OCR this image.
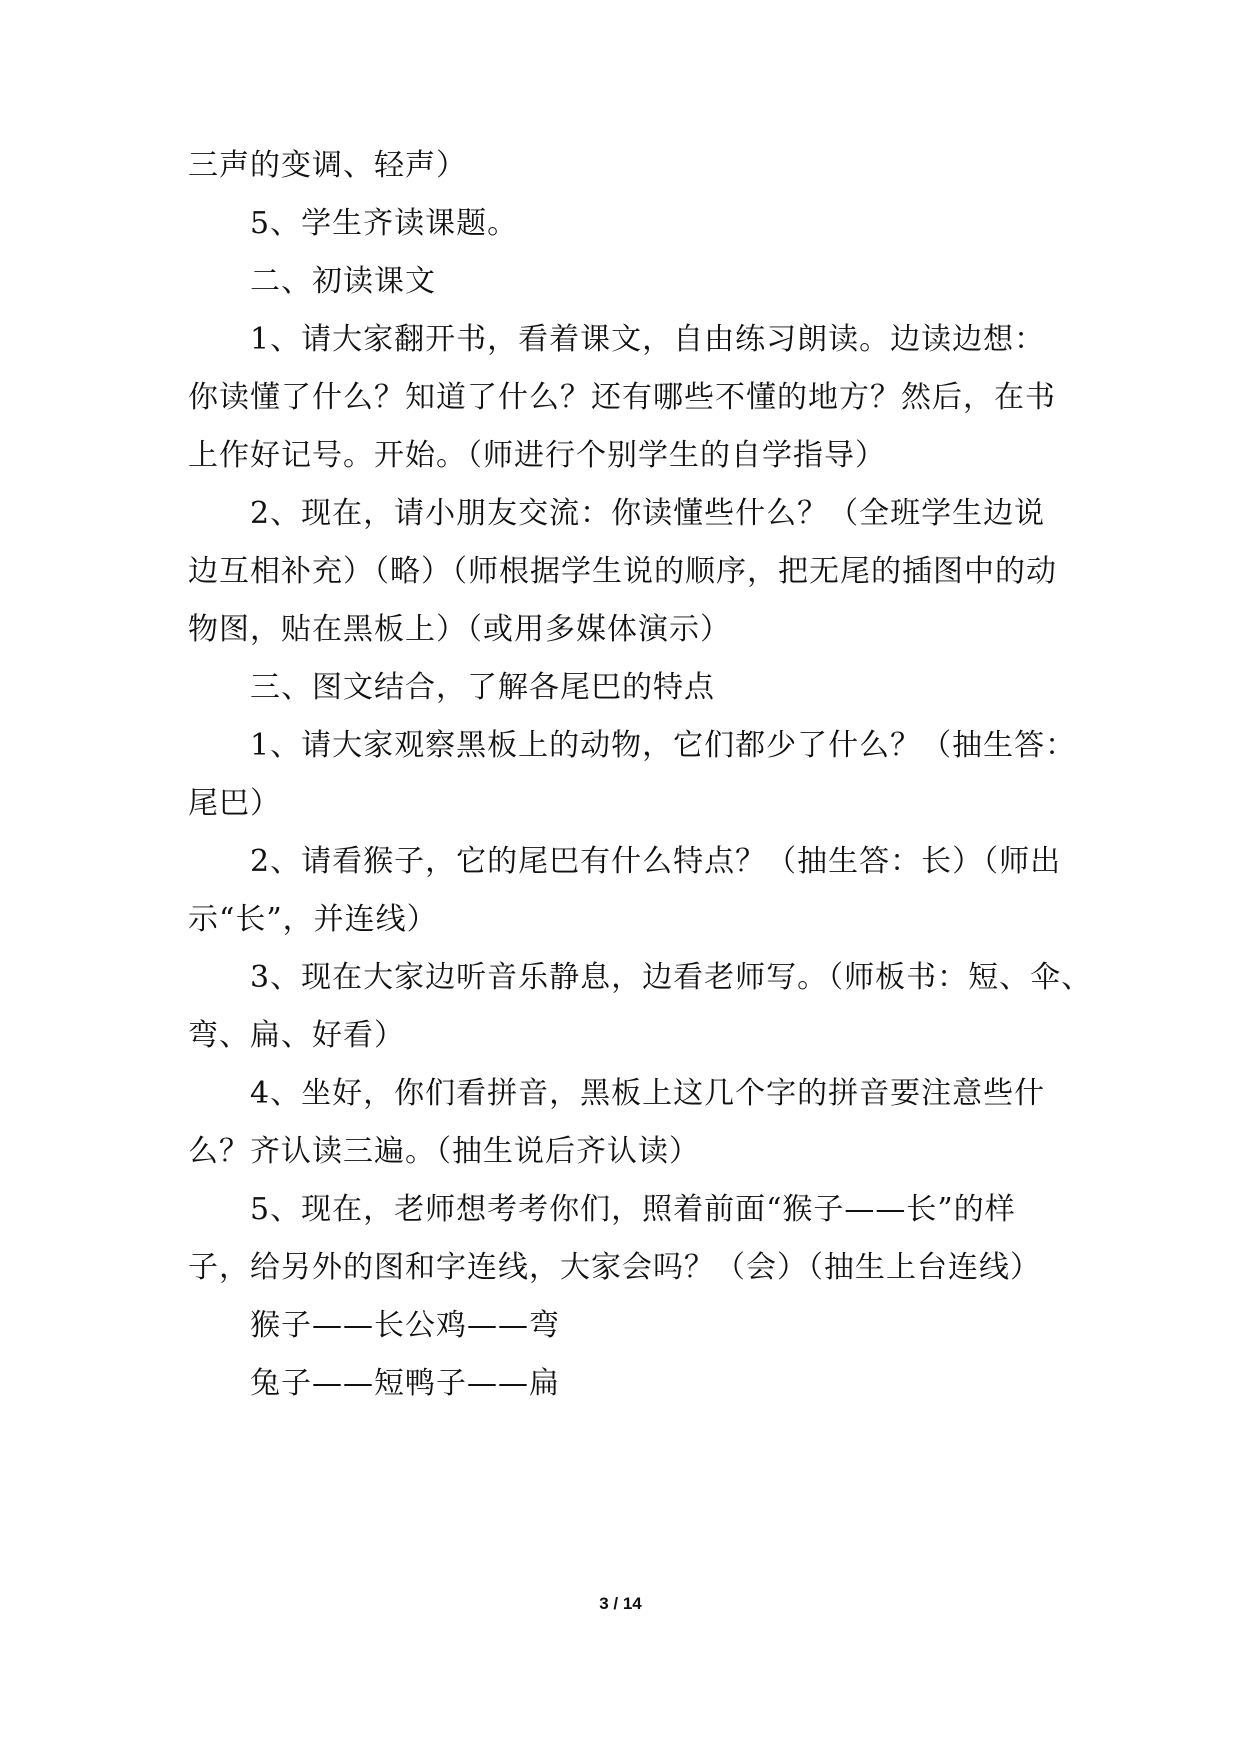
三声的变调、轻声）
5、学生齐读课题。
二、初读课文
1、请大家翻开书，看着课文，自由练习朗读。边读边想：
你读懂了什么？知道了什么？还有哪些不懂的地方？然后，在书
上作好记号。开始。（师进行个别学生的自学指导）
2、现在，请小朋友交流：你读懂些什么？（全班学生边说
边互相补充）（略）（师根据学生说的顺序，把无尾的插图中的动
物图，贴在黑板上）（或用多媒体演示）
三、图文结合，了解各尾巴的特点
1、请大家观察黑板上的动物，它们都少了什么？（抽生答：
尾巴）
2、请看猴子，它的尾巴有什么特点？（抽生答：长）（师出
示“长”，并连线）
3、现在大家边听音乐静息，边看老师写。（师板书：短、伞、
弯、扁、好看）
4、坐好，你们看拼音，黑板上这几个字的拼音要注意些什
么？齐认读三遍。（抽生说后齐认读）
5、现在，老师想考考你们，照着前面“猴子——长”的样
子，给另外的图和字连线，大家会吗？（会）（抽生上台连线）
猴子——长公鸡——弯
兔子——短鸭子——扁
3 / 14
